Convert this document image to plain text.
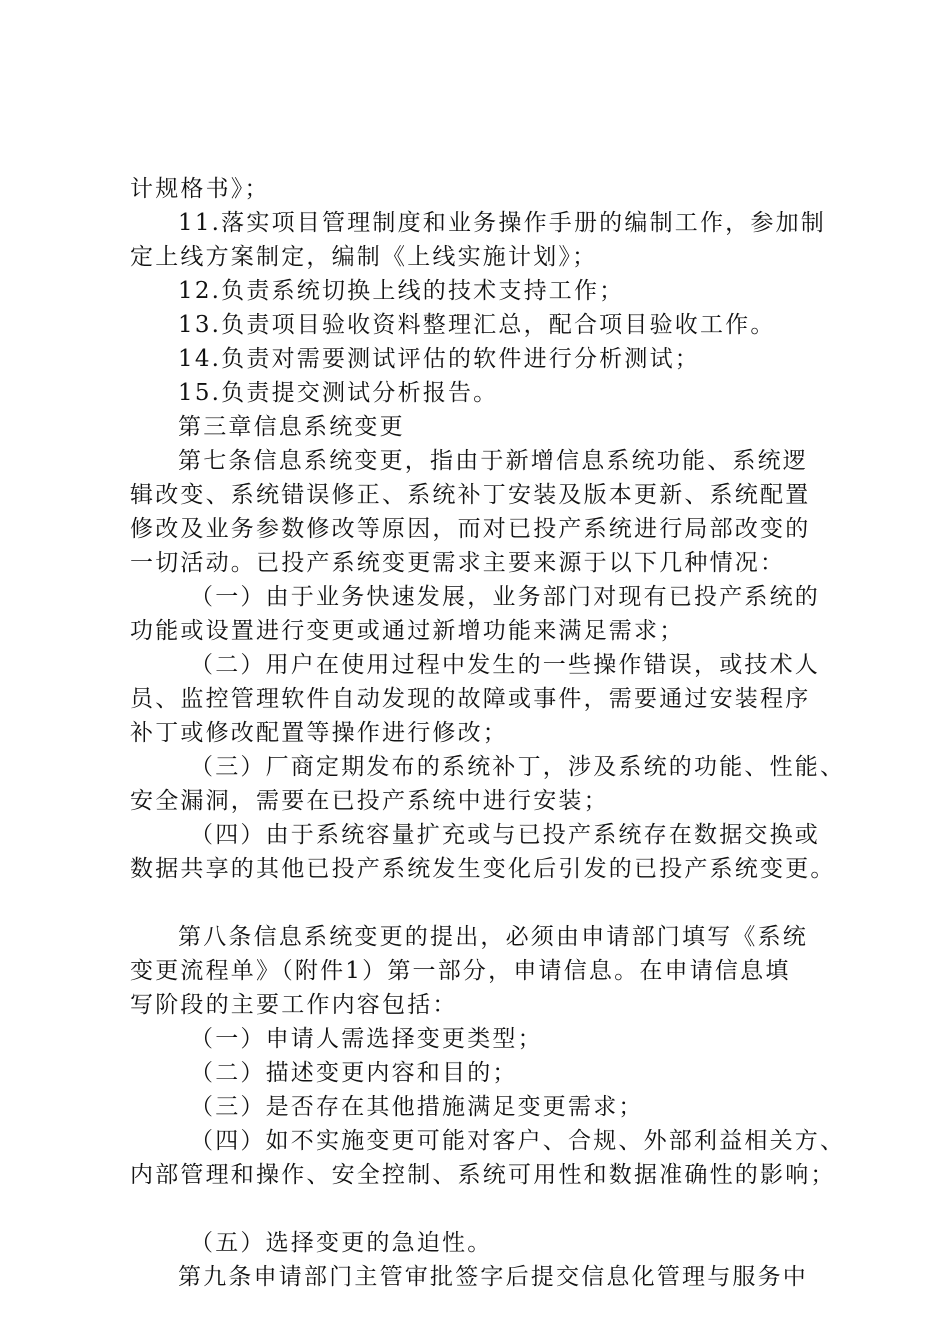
计规格书》；
11.落实项目管理制度和业务操作手册的编制工作，参加制
定上线方案制定，编制《上线实施计划》；
12.负责系统切换上线的技术支持工作；
13.负责项目验收资料整理汇总，配合项目验收工作。
14.负责对需要测试评估的软件进行分析测试；
15.负责提交测试分析报告。
第三章信息系统变更
第七条信息系统变更，指由于新增信息系统功能、系统逻
辑改变、系统错误修正、系统补丁安装及版本更新、系统配置
修改及业务参数修改等原因，而对已投产系统进行局部改变的
一切活动。已投产系统变更需求主要来源于以下几种情况：
（一）由于业务快速发展，业务部门对现有已投产系统的
功能或设置进行变更或通过新增功能来满足需求；
（二）用户在使用过程中发生的一些操作错误，或技术人
员、监控管理软件自动发现的故障或事件，需要通过安装程序
补丁或修改配置等操作进行修改；
（三）厂商定期发布的系统补丁，涉及系统的功能、性能、
安全漏洞，需要在已投产系统中进行安装；
（四）由于系统容量扩充或与已投产系统存在数据交换或
数据共享的其他已投产系统发生变化后引发的已投产系统变更。
第八条信息系统变更的提出，必须由申请部门填写《系统
变更流程单》（附件1）第一部分，申请信息。在申请信息填
写阶段的主要工作内容包括：
（一）申请人需选择变更类型；
（二）描述变更内容和目的；
（三）是否存在其他措施满足变更需求；
（四）如不实施变更可能对客户、合规、外部利益相关方、
内部管理和操作、安全控制、系统可用性和数据准确性的影响；
（五）选择变更的急迫性。
第九条申请部门主管审批签字后提交信息化管理与服务中
